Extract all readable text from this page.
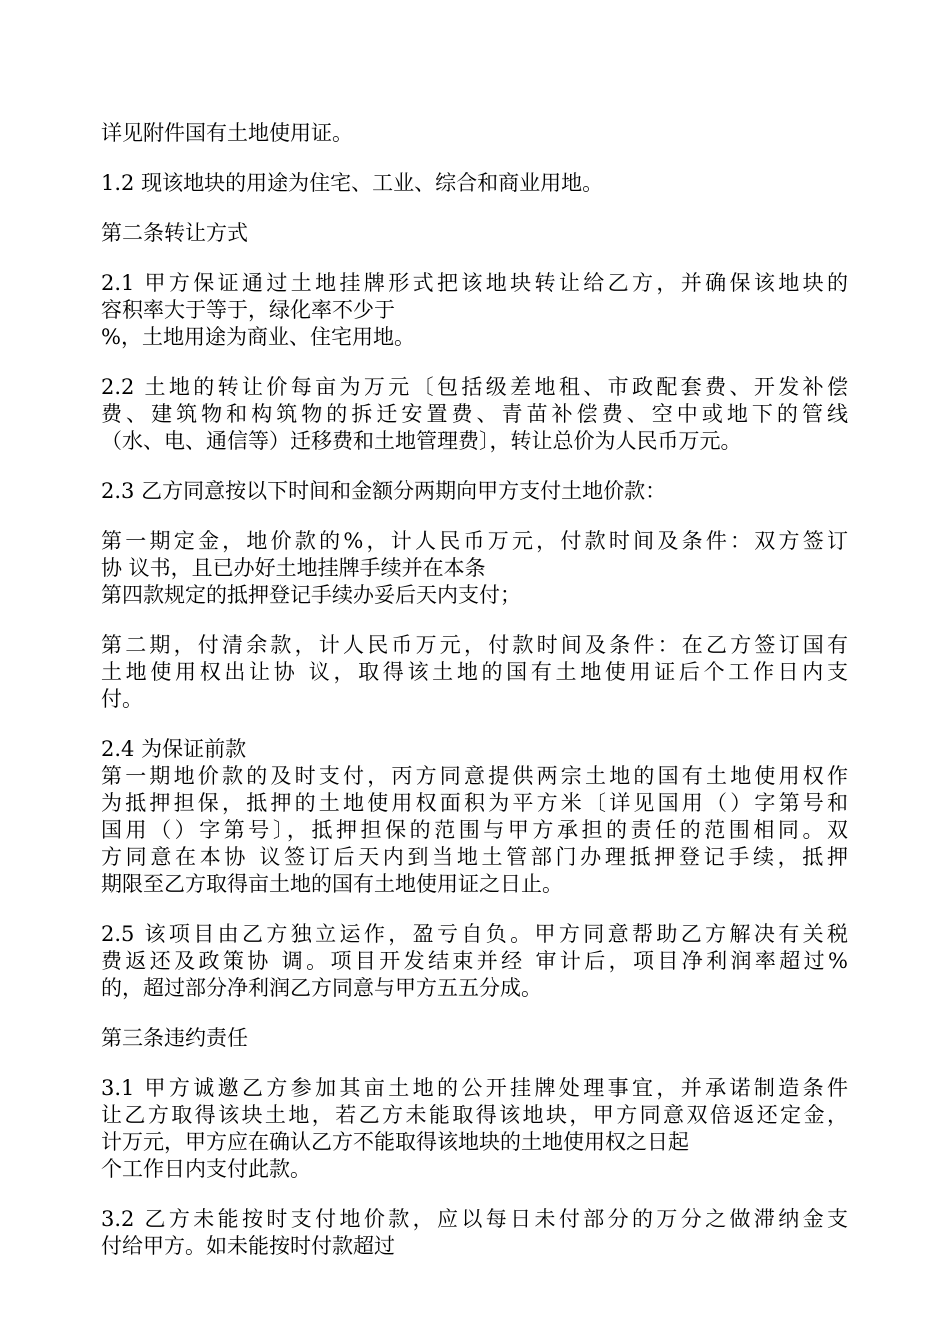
详见附件国有土地使用证。
1.2 现该地块的用途为住宅、工业、综合和商业用地。
第二条转让方式
2.1 甲方保证通过土地挂牌形式把该地块转让给乙方，并确保该地块的
容积率大于等于，绿化率不少于
%，土地用途为商业、住宅用地。
2.2 土地的转让价每亩为万元〔包括级差地租、市政配套费、开发补偿
费、建筑物和构筑物的拆迁安置费、青苗补偿费、空中或地下的管线
（水、电、通信等）迁移费和土地管理费〕，转让总价为人民币万元。
2.3 乙方同意按以下时间和金额分两期向甲方支付土地价款：
第一期定金，地价款的%，计人民币万元，付款时间及条件：双方签订
协 议书，且已办好土地挂牌手续并在本条
第四款规定的抵押登记手续办妥后天内支付；
第二期，付清余款，计人民币万元，付款时间及条件：在乙方签订国有
土地使用权出让协 议，取得该土地的国有土地使用证后个工作日内支
付。
2.4 为保证前款
第一期地价款的及时支付，丙方同意提供两宗土地的国有土地使用权作
为抵押担保，抵押的土地使用权面积为平方米〔详见国用（）字第号和
国用（）字第号〕，抵押担保的范围与甲方承担的责任的范围相同。双
方同意在本协 议签订后天内到当地土管部门办理抵押登记手续，抵押
期限至乙方取得亩土地的国有土地使用证之日止。
2.5 该项目由乙方独立运作，盈亏自负。甲方同意帮助乙方解决有关税
费返还及政策协 调。项目开发结束并经 审计后，项目净利润率超过%
的，超过部分净利润乙方同意与甲方五五分成。
第三条违约责任
3.1 甲方诚邀乙方参加其亩土地的公开挂牌处理事宜，并承诺制造条件
让乙方取得该块土地，若乙方未能取得该地块，甲方同意双倍返还定金，
计万元，甲方应在确认乙方不能取得该地块的土地使用权之日起
个工作日内支付此款。
3.2 乙方未能按时支付地价款，应以每日未付部分的万分之做滞纳金支
付给甲方。如未能按时付款超过
